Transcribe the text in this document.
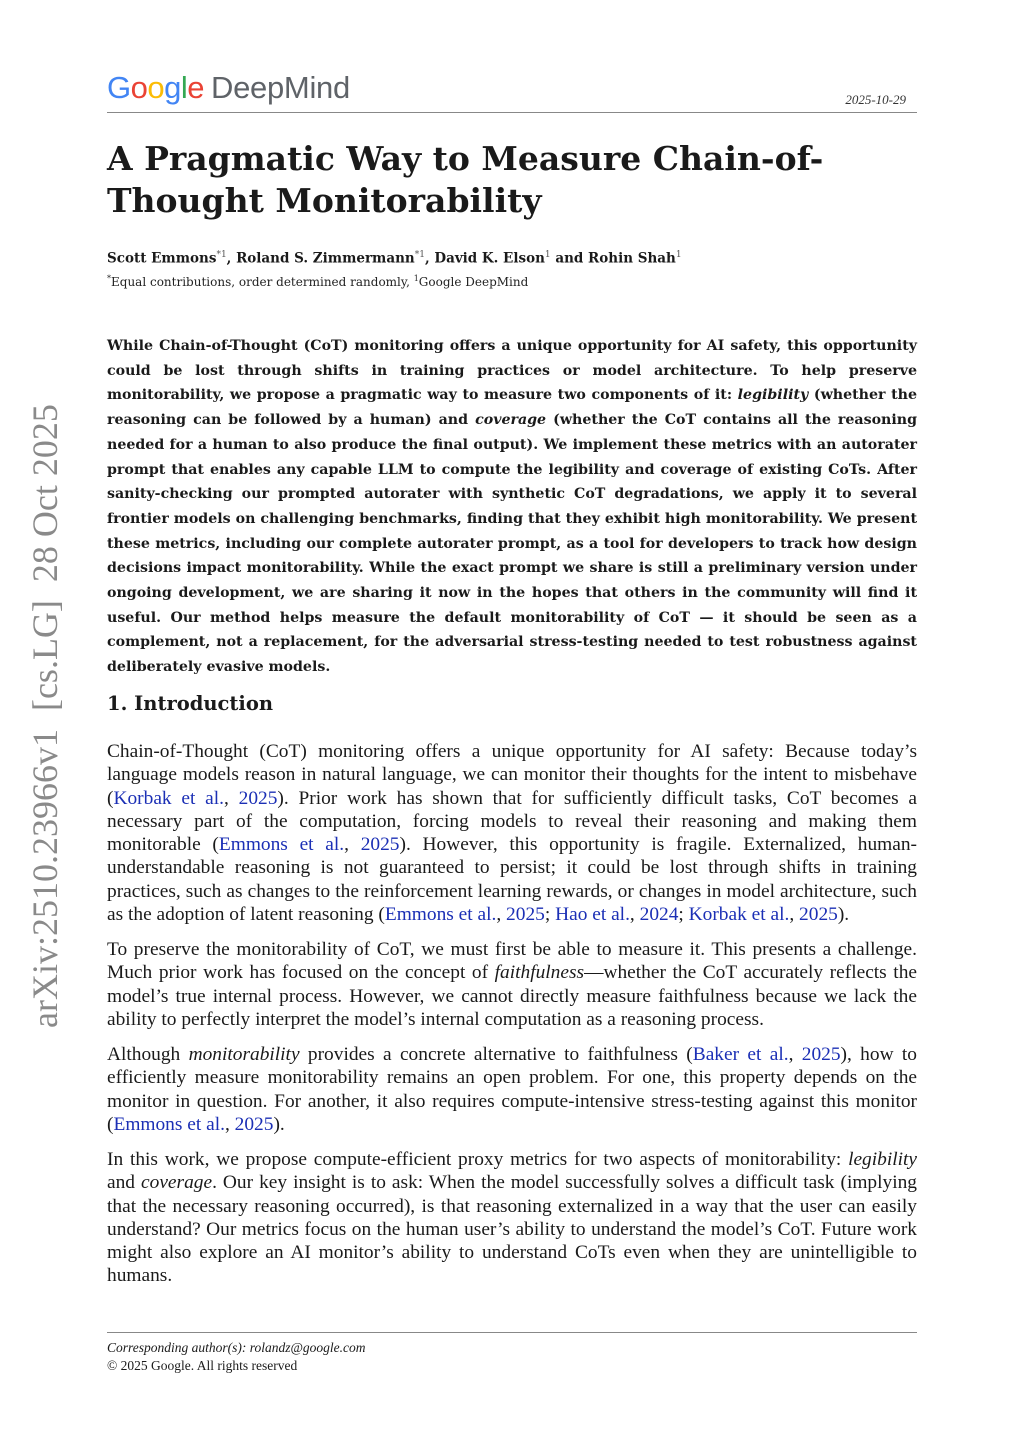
Google DeepMind	2025-10-29
A Pragmatic Way to Measure Chain-of-Thought Monitorability
Scott Emmons$^{*1}$, Roland S. Zimmermann$^{*1}$, David K. Elson$^1$ and Rohin Shah$^1$
*Equal contributions, order determined randomly, $^1$Google DeepMind

While Chain-of-Thought (CoT) monitoring offers a unique opportunity for AI safety, this opportunity could be lost through shifts in training practices or model architecture. To help preserve monitorability, we propose a pragmatic way to measure two components of it: legibility (whether the reasoning can be followed by a human) and coverage (whether the CoT contains all the reasoning needed for a human to also produce the final output). We implement these metrics with an autorater prompt that enables any capable LLM to compute the legibility and coverage of existing CoTs. After sanity-checking our prompted autorater with synthetic CoT degradations, we apply it to several frontier models on challenging benchmarks, finding that they exhibit high monitorability. We present these metrics, including our complete autorater prompt, as a tool for developers to track how design decisions impact monitorability. While the exact prompt we share is still a preliminary version under ongoing development, we are sharing it now in the hopes that others in the community will find it useful. Our method helps measure the default monitorability of CoT — it should be seen as a complement, not a replacement, for the adversarial stress-testing needed to test robustness against deliberately evasive models.

1. Introduction

Chain-of-Thought (CoT) monitoring offers a unique opportunity for AI safety: Because today’s language models reason in natural language, we can monitor their thoughts for the intent to misbehave (Korbak et al., 2025). Prior work has shown that for sufficiently difficult tasks, CoT becomes a necessary part of the computation, forcing models to reveal their reasoning and making them monitorable (Emmons et al., 2025). However, this opportunity is fragile. Externalized, human-understandable reasoning is not guaranteed to persist; it could be lost through shifts in training practices, such as changes to the reinforcement learning rewards, or changes in model architecture, such as the adoption of latent reasoning (Emmons et al., 2025; Hao et al., 2024; Korbak et al., 2025).

To preserve the monitorability of CoT, we must first be able to measure it. This presents a challenge. Much prior work has focused on the concept of faithfulness—whether the CoT accurately reflects the model’s true internal process. However, we cannot directly measure faithfulness because we lack the ability to perfectly interpret the model’s internal computation as a reasoning process.

Although monitorability provides a concrete alternative to faithfulness (Baker et al., 2025), how to efficiently measure monitorability remains an open problem. For one, this property depends on the monitor in question. For another, it also requires compute-intensive stress-testing against this monitor (Emmons et al., 2025).

In this work, we propose compute-efficient proxy metrics for two aspects of monitorability: legibility and coverage. Our key insight is to ask: When the model successfully solves a difficult task (implying that the necessary reasoning occurred), is that reasoning externalized in a way that the user can easily understand? Our metrics focus on the human user’s ability to understand the model’s CoT. Future work might also explore an AI monitor’s ability to understand CoTs even when they are unintelligible to humans.

arXiv:2510.23966v1[cs.LG]28 Oct 2025
Corresponding author(s): rolandz@google.com
© 2025 Google. All rights reserved
